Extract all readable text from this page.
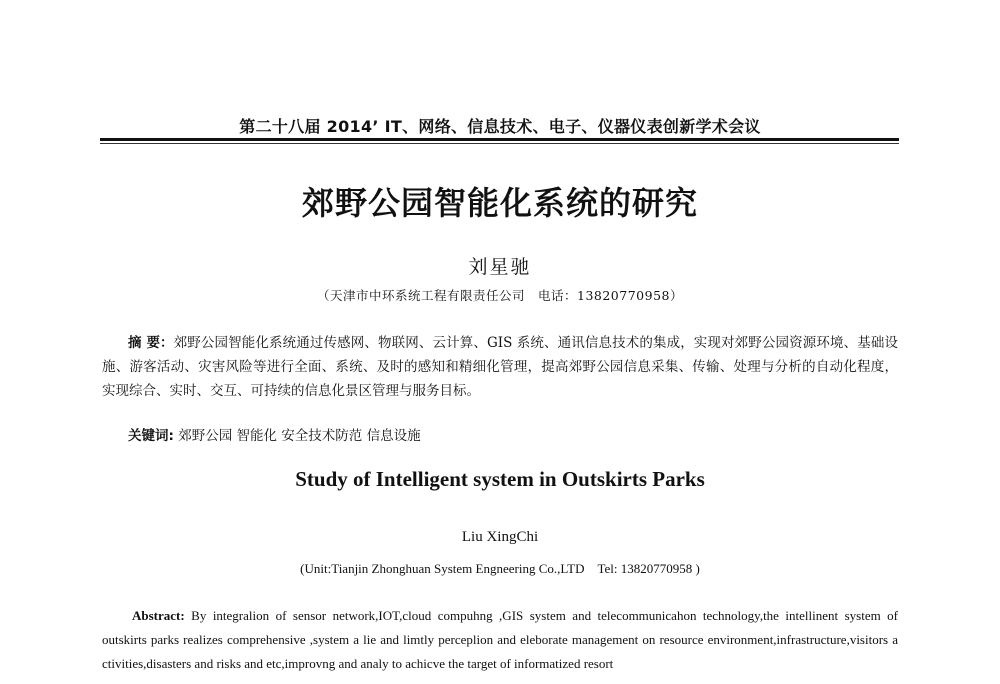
第二十八届 2014’ IT、网络、信息技术、电子、仪器仪表创新学术会议
郊野公园智能化系统的研究
刘星驰
（天津市中环系统工程有限责任公司　电话：13820770958）
摘 要：郊野公园智能化系统通过传感网、物联网、云计算、GIS 系统、通讯信息技术的集成，实现对郊野公园资源环境、基础设施、游客活动、灾害风险等进行全面、系统、及时的感知和精细化管理，提高郊野公园信息采集、传输、处理与分析的自动化程度，实现综合、实时、交互、可持续的信息化景区管理与服务目标。
关键词: 郊野公园 智能化 安全技术防范 信息设施
Study of Intelligent system in Outskirts Parks
Liu XingChi
(Unit:Tianjin Zhonghuan System Engneering Co.,LTD　Tel: 13820770958 )
Abstract: By integralion of sensor network,IOT,cloud compuhng ,GIS system and telecommunicahon technology,the intellinent system of outskirts parks realizes comprehensive ,system a lie and limtly perceplion and eleborate management on resource environment,infrastructure,visitors a ctivities,disasters and risks and etc,improvng and analy to achicve the target of informatized resort
